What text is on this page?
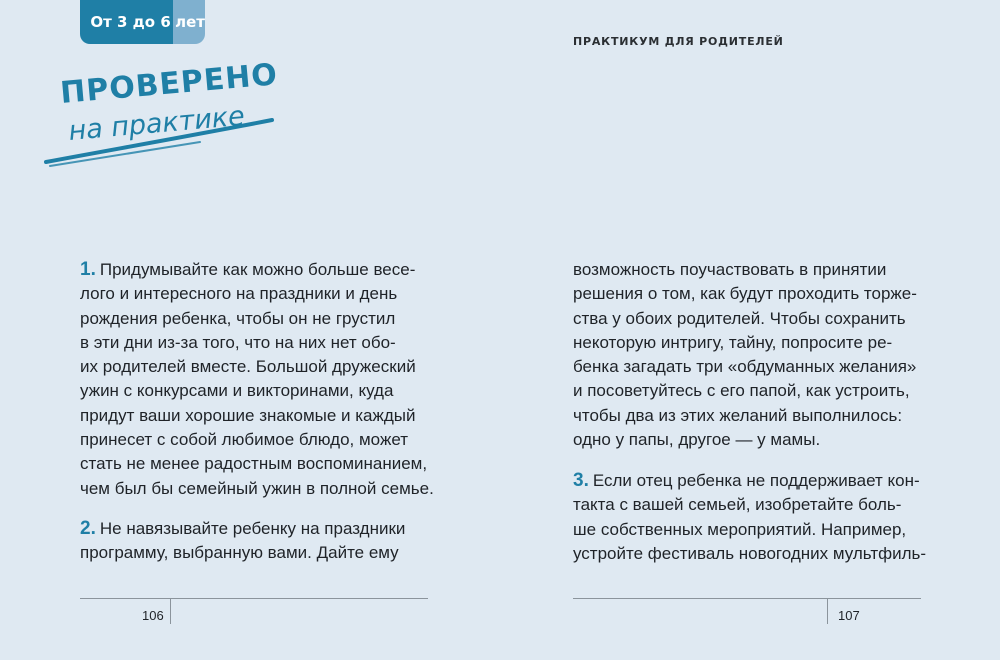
От 3 до 6 лет
ПРОВЕРЕНО
на практике
1. Придумывайте как можно больше весе-
лого и интересного на праздники и день
рождения ребенка, чтобы он не грустил
в эти дни из-за того, что на них нет обо-
их родителей вместе. Большой дружеский
ужин с конкурсами и викторинами, куда
придут ваши хорошие знакомые и каждый
принесет с собой любимое блюдо, может
стать не менее радостным воспоминанием,
чем был бы семейный ужин в полной семье.
2. Не навязывайте ребенку на праздники
программу, выбранную вами. Дайте ему
106
ПРАКТИКУМ ДЛЯ РОДИТЕЛЕЙ
возможность поучаствовать в принятии
решения о том, как будут проходить торже-
ства у обоих родителей. Чтобы сохранить
некоторую интригу, тайну, попросите ре-
бенка загадать три «обдуманных желания»
и посоветуйтесь с его папой, как устроить,
чтобы два из этих желаний выполнилось:
одно у папы, другое — у мамы.
3. Если отец ребенка не поддерживает кон-
такта с вашей семьей, изобретайте боль-
ше собственных мероприятий. Например,
устройте фестиваль новогодних мультфиль-
107
